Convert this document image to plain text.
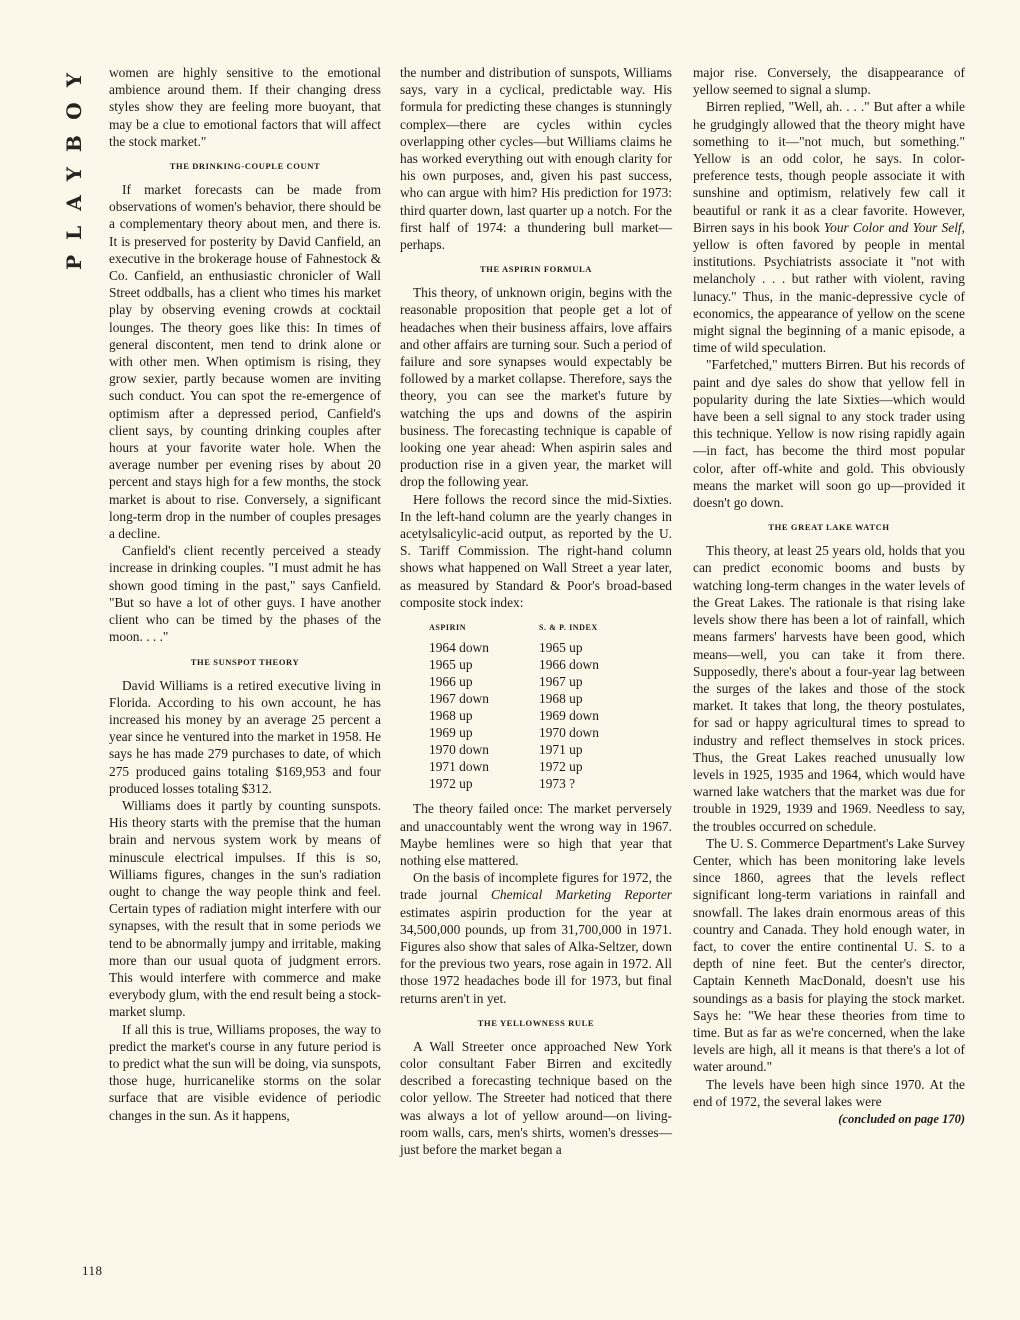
PLAYBOY
118

women are highly sensitive to the emotional ambience around them. If their changing dress styles show they are feeling more buoyant, that may be a clue to emotional factors that will affect the stock market."

THE DRINKING-COUPLE COUNT

If market forecasts can be made from observations of women's behavior, there should be a complementary theory about men, and there is. It is preserved for posterity by David Canfield, an executive in the brokerage house of Fahnestock & Co. Canfield, an enthusiastic chronicler of Wall Street oddballs, has a client who times his market play by observing evening crowds at cocktail lounges. The theory goes like this: In times of general discontent, men tend to drink alone or with other men. When optimism is rising, they grow sexier, partly because women are inviting such conduct. You can spot the re-emergence of optimism after a depressed period, Canfield's client says, by counting drinking couples after hours at your favorite water hole. When the average number per evening rises by about 20 percent and stays high for a few months, the stock market is about to rise. Conversely, a significant long-term drop in the number of couples presages a decline.

Canfield's client recently perceived a steady increase in drinking couples. "I must admit he has shown good timing in the past," says Canfield. "But so have a lot of other guys. I have another client who can be timed by the phases of the moon. . . ."

THE SUNSPOT THEORY

David Williams is a retired executive living in Florida. According to his own account, he has increased his money by an average 25 percent a year since he ventured into the market in 1958. He says he has made 279 purchases to date, of which 275 produced gains totaling $169,953 and four produced losses totaling $312.

Williams does it partly by counting sunspots. His theory starts with the premise that the human brain and nervous system work by means of minuscule electrical impulses. If this is so, Williams figures, changes in the sun's radiation ought to change the way people think and feel. Certain types of radiation might interfere with our synapses, with the result that in some periods we tend to be abnormally jumpy and irritable, making more than our usual quota of judgment errors. This would interfere with commerce and make everybody glum, with the end result being a stock-market slump.

If all this is true, Williams proposes, the way to predict the market's course in any future period is to predict what the sun will be doing, via sunspots, those huge, hurricanelike storms on the solar surface that are visible evidence of periodic changes in the sun. As it happens,

the number and distribution of sunspots, Williams says, vary in a cyclical, predictable way. His formula for predicting these changes is stunningly complex—there are cycles within cycles overlapping other cycles—but Williams claims he has worked everything out with enough clarity for his own purposes, and, given his past success, who can argue with him? His prediction for 1973: third quarter down, last quarter up a notch. For the first half of 1974: a thundering bull market—perhaps.

THE ASPIRIN FORMULA

This theory, of unknown origin, begins with the reasonable proposition that people get a lot of headaches when their business affairs, love affairs and other affairs are turning sour. Such a period of failure and sore synapses would expectably be followed by a market collapse. Therefore, says the theory, you can see the market's future by watching the ups and downs of the aspirin business. The forecasting technique is capable of looking one year ahead: When aspirin sales and production rise in a given year, the market will drop the following year.

Here follows the record since the mid-Sixties. In the left-hand column are the yearly changes in acetylsalicylic-acid output, as reported by the U. S. Tariff Commission. The right-hand column shows what happened on Wall Street a year later, as measured by Standard & Poor's broad-based composite stock index:

ASPIRIN	S. & P. INDEX
1964 down	1965 up
1965 up	1966 down
1966 up	1967 up
1967 down	1968 up
1968 up	1969 down
1969 up	1970 down
1970 down	1971 up
1971 down	1972 up
1972 up	1973 ?

The theory failed once: The market perversely and unaccountably went the wrong way in 1967. Maybe hemlines were so high that year that nothing else mattered.

On the basis of incomplete figures for 1972, the trade journal Chemical Marketing Reporter estimates aspirin production for the year at 34,500,000 pounds, up from 31,700,000 in 1971. Figures also show that sales of Alka-Seltzer, down for the previous two years, rose again in 1972. All those 1972 headaches bode ill for 1973, but final returns aren't in yet.

THE YELLOWNESS RULE

A Wall Streeter once approached New York color consultant Faber Birren and excitedly described a forecasting technique based on the color yellow. The Streeter had noticed that there was always a lot of yellow around—on living-room walls, cars, men's shirts, women's dresses—just before the market began a

major rise. Conversely, the disappearance of yellow seemed to signal a slump.

Birren replied, "Well, ah. . . ." But after a while he grudgingly allowed that the theory might have something to it—"not much, but something." Yellow is an odd color, he says. In color-preference tests, though people associate it with sunshine and optimism, relatively few call it beautiful or rank it as a clear favorite. However, Birren says in his book Your Color and Your Self, yellow is often favored by people in mental institutions. Psychiatrists associate it "not with melancholy . . . but rather with violent, raving lunacy." Thus, in the manic-depressive cycle of economics, the appearance of yellow on the scene might signal the beginning of a manic episode, a time of wild speculation.

"Farfetched," mutters Birren. But his records of paint and dye sales do show that yellow fell in popularity during the late Sixties—which would have been a sell signal to any stock trader using this technique. Yellow is now rising rapidly again—in fact, has become the third most popular color, after off-white and gold. This obviously means the market will soon go up—provided it doesn't go down.

THE GREAT LAKE WATCH

This theory, at least 25 years old, holds that you can predict economic booms and busts by watching long-term changes in the water levels of the Great Lakes. The rationale is that rising lake levels show there has been a lot of rainfall, which means farmers' harvests have been good, which means—well, you can take it from there. Supposedly, there's about a four-year lag between the surges of the lakes and those of the stock market. It takes that long, the theory postulates, for sad or happy agricultural times to spread to industry and reflect themselves in stock prices. Thus, the Great Lakes reached unusually low levels in 1925, 1935 and 1964, which would have warned lake watchers that the market was due for trouble in 1929, 1939 and 1969. Needless to say, the troubles occurred on schedule.

The U. S. Commerce Department's Lake Survey Center, which has been monitoring lake levels since 1860, agrees that the levels reflect significant long-term variations in rainfall and snowfall. The lakes drain enormous areas of this country and Canada. They hold enough water, in fact, to cover the entire continental U. S. to a depth of nine feet. But the center's director, Captain Kenneth MacDonald, doesn't use his soundings as a basis for playing the stock market. Says he: "We hear these theories from time to time. But as far as we're concerned, when the lake levels are high, all it means is that there's a lot of water around."

The levels have been high since 1970. At the end of 1972, the several lakes were

(concluded on page 170)
